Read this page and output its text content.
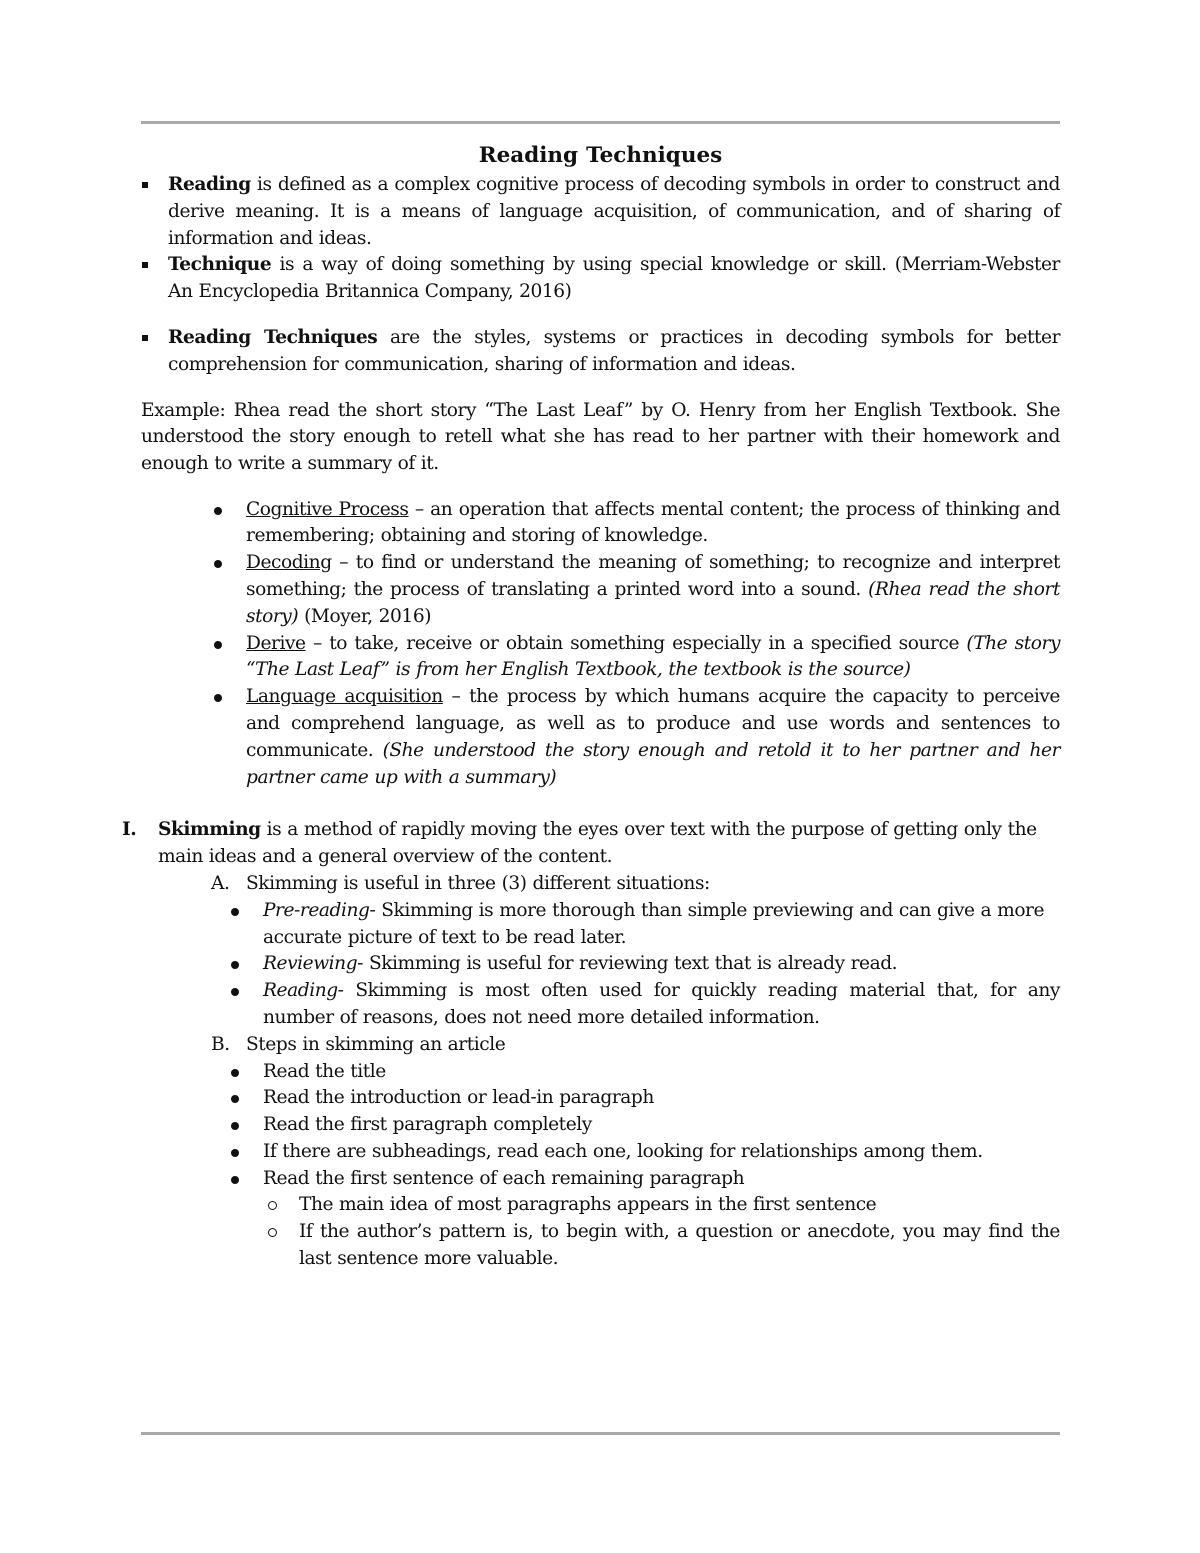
Reading Techniques

Reading is defined as a complex cognitive process of decoding symbols in order to construct and derive meaning. It is a means of language acquisition, of communication, and of sharing of information and ideas.

Technique is a way of doing something by using special knowledge or skill. (Merriam-Webster An Encyclopedia Britannica Company, 2016)

Reading Techniques are the styles, systems or practices in decoding symbols for better comprehension for communication, sharing of information and ideas.

Example: Rhea read the short story “The Last Leaf” by O. Henry from her English Textbook. She understood the story enough to retell what she has read to her partner with their homework and enough to write a summary of it.

Cognitive Process – an operation that affects mental content; the process of thinking and remembering; obtaining and storing of knowledge.

Decoding – to find or understand the meaning of something; to recognize and interpret something; the process of translating a printed word into a sound. (Rhea read the short story) (Moyer, 2016)

Derive – to take, receive or obtain something especially in a specified source (The story “The Last Leaf” is from her English Textbook, the textbook is the source)

Language acquisition – the process by which humans acquire the capacity to perceive and comprehend language, as well as to produce and use words and sentences to communicate. (She understood the story enough and retold it to her partner and her partner came up with a summary)

I. Skimming is a method of rapidly moving the eyes over text with the purpose of getting only the main ideas and a general overview of the content.
A. Skimming is useful in three (3) different situations:

Pre-reading- Skimming is more thorough than simple previewing and can give a more accurate picture of text to be read later.

Reviewing- Skimming is useful for reviewing text that is already read.

Reading- Skimming is most often used for quickly reading material that, for any number of reasons, does not need more detailed information.

B. Steps in skimming an article

Read the title

Read the introduction or lead-in paragraph

Read the first paragraph completely

If there are subheadings, read each one, looking for relationships among them.

Read the first sentence of each remaining paragraph

The main idea of most paragraphs appears in the first sentence

If the author’s pattern is, to begin with, a question or anecdote, you may find the last sentence more valuable.
